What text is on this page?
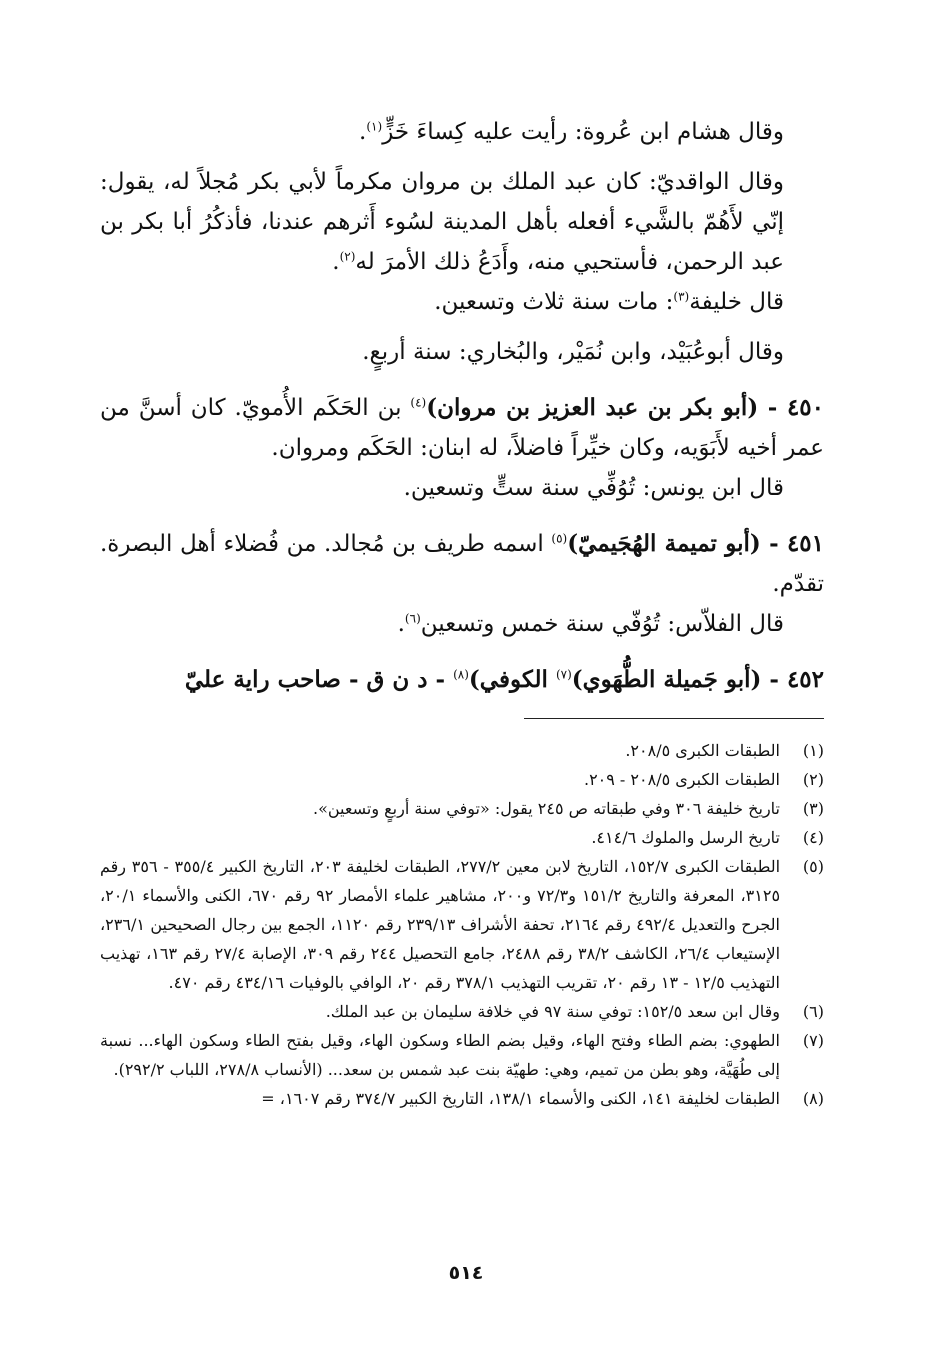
وقال هشام ابن عُروة: رأيت عليه كِساءَ خَزٍّ$^{(١)}$.

وقال الواقديّ: كان عبد الملك بن مروان مكرماً لأبي بكر مُجلاً له، يقول: إنّي لأَهُمّ بالشَّيء أفعله بأهل المدينة لسُوء أَثرهم عندنا، فأذكُرُ أبا بكر بن عبد الرحمن، فأستحيي منه، وأَدَعُ ذلك الأمرَ له$^{(٢)}$.

قال خليفة$^{(٣)}$: مات سنة ثلاث وتسعين.

وقال أبوعُبَيْد، وابن نُمَيْر، والبُخاري: سنة أربعٍ.

٤٥٠ - (أبو بكر بن عبد العزيز بن مروان)$^{(٤)}$ بن الحَكَم الأُمويّ. كان أسنَّ من عمر أخيه لأَبَوَيه، وكان خيِّراً فاضلاً، له ابنان: الحَكَم ومروان.

قال ابن يونس: تُوُفِّي سنة ستٍّ وتسعين.

٤٥١ - (أبو تميمة الهُجَيميّ)$^{(٥)}$ اسمه طريف بن مُجالد. من فُضلاء أهل البصرة. تقدّم.

قال الفلاّس: تُوُفّي سنة خمس وتسعين$^{(٦)}$.

٤٥٢ - (أبو جَميلة الطُّهَوي)$^{(٧)}$ الكوفي)$^{(٨)}$ - د ن ق - صاحب راية عليّ

(١)
الطبقات الكبرى ٢٠٨/٥.
(٢)
الطبقات الكبرى ٢٠٨/٥ - ٢٠٩.
(٣)
تاريخ خليفة ٣٠٦ وفي طبقاته ص ٢٤٥ يقول: «توفي سنة أربعٍ وتسعين».
(٤)
تاريخ الرسل والملوك ٤١٤/٦.
(٥)
الطبقات الكبرى ١٥٢/٧، التاريخ لابن معين ٢٧٧/٢، الطبقات لخليفة ٢٠٣، التاريخ الكبير ٣٥٥/٤ - ٣٥٦ رقم ٣١٢٥، المعرفة والتاريخ ١٥١/٢ و٧٢/٣ و٢٠٠، مشاهير علماء الأمصار ٩٢ رقم ٦٧٠، الكنى والأسماء ٢٠/١، الجرح والتعديل ٤٩٢/٤ رقم ٢١٦٤، تحفة الأشراف ٢٣٩/١٣ رقم ١١٢٠، الجمع بين رجال الصحيحين ٢٣٦/١، الإستيعاب ٢٦/٤، الكاشف ٣٨/٢ رقم ٢٤٨٨، جامع التحصيل ٢٤٤ رقم ٣٠٩، الإصابة ٢٧/٤ رقم ١٦٣، تهذيب التهذيب ١٢/٥ - ١٣ رقم ٢٠، تقريب التهذيب ٣٧٨/١ رقم ٢٠، الوافي بالوفيات ٤٣٤/١٦ رقم ٤٧٠.
(٦)
وقال ابن سعد ١٥٢/٥: توفي سنة ٩٧ في خلافة سليمان بن عبد الملك.
(٧)
الطهوي: بضم الطاء وفتح الهاء، وقيل بضم الطاء وسكون الهاء، وقيل بفتح الطاء وسكون الهاء... نسبة إلى طُهَيَّة، وهو بطن من تميم، وهي: طهيّة بنت عبد شمس بن سعد... (الأنساب ٢٧٨/٨، اللباب ٢٩٢/٢).
(٨)
الطبقات لخليفة ١٤١، الكنى والأسماء ١٣٨/١، التاريخ الكبير ٣٧٤/٧ رقم ١٦٠٧، =
٥١٤
